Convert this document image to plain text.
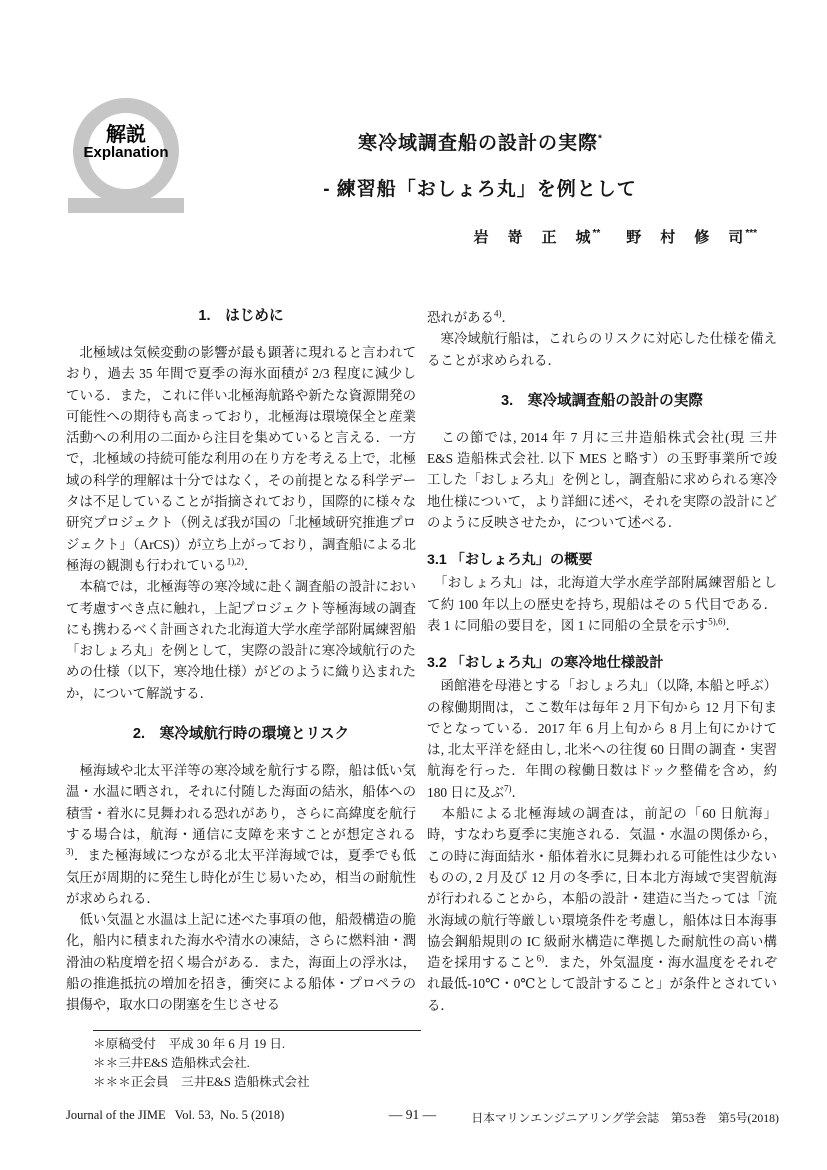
解説
Explanation	寒冷域調査船の設計の実際*
- 練習船「おしょろ丸」を例として
岩　嵜　正　城** 野　村　修　司***
1.　はじめに
　北極域は気候変動の影響が最も顕著に現れると言われており，過去 35 年間で夏季の海氷面積が 2/3 程度に減少している．また，これに伴い北極海航路や新たな資源開発の可能性への期待も高まっており，北極海は環境保全と産業活動への利用の二面から注目を集めていると言える．一方で，北極域の持続可能な利用の在り方を考える上で，北極域の科学的理解は十分ではなく，その前提となる科学データは不足していることが指摘されており，国際的に様々な研究プロジェクト（例えば我が国の「北極域研究推進プロジェクト」（ArCS)）が立ち上がっており，調査船による北極海の観測も行われている$^{1),2)}$．
　本稿では，北極海等の寒冷域に赴く調査船の設計において考慮すべき点に触れ，上記プロジェクト等極海域の調査にも携わるべく計画された北海道大学水産学部附属練習船「おしょろ丸」を例として，実際の設計に寒冷域航行のための仕様（以下，寒冷地仕様）がどのように織り込まれたか，について解説する．
2.　寒冷域航行時の環境とリスク
　極海域や北太平洋等の寒冷域を航行する際，船は低い気温・水温に晒され，それに付随した海面の結氷，船体への積雪・着氷に見舞われる恐れがあり，さらに高緯度を航行する場合は，航海・通信に支障を来すことが想定される$^{3)}$．また極海域につながる北太平洋海域では，夏季でも低気圧が周期的に発生し時化が生じ易いため，相当の耐航性が求められる．
　低い気温と水温は上記に述べた事項の他，船殻構造の脆化，船内に積まれた海水や清水の凍結，さらに燃料油・潤滑油の粘度増を招く場合がある．また，海面上の浮氷は，船の推進抵抗の増加を招き，衝突による船体・プロペラの損傷や，取水口の閉塞を生じさせる
恐れがある$^{4)}$．
　寒冷域航行船は，これらのリスクに対応した仕様を備えることが求められる．
3.　寒冷域調査船の設計の実際
　この節では, 2014 年 7 月に三井造船株式会社(現 三井 E&S 造船株式会社. 以下 MES と略す）の玉野事業所で竣工した「おしょろ丸」を例とし，調査船に求められる寒冷地仕様について，より詳細に述べ，それを実際の設計にどのように反映させたか，について述べる．
3.1 「おしょろ丸」の概要
　「おしょろ丸」は，北海道大学水産学部附属練習船として約 100 年以上の歴史を持ち, 現船はその 5 代目である．表 1 に同船の要目を，図 1 に同船の全景を示す$^{5),6)}$．
3.2 「おしょろ丸」の寒冷地仕様設計
　函館港を母港とする「おしょろ丸」（以降, 本船と呼ぶ）の稼働期間は，ここ数年は毎年 2 月下旬から 12 月下旬までとなっている．2017 年 6 月上旬から 8 月上旬にかけては, 北太平洋を経由し, 北米への往復 60 日間の調査・実習航海を行った．年間の稼働日数はドック整備を含め，約 180 日に及ぶ$^{7)}$．
　本船による北極海域の調査は，前記の「60 日航海」時，すなわち夏季に実施される．気温・水温の関係から，この時に海面結氷・船体着氷に見舞われる可能性は少ないものの, 2 月及び 12 月の冬季に, 日本北方海域で実習航海が行われることから，本船の設計・建造に当たっては「流氷海域の航行等厳しい環境条件を考慮し，船体は日本海事協会鋼船規則の IC 級耐氷構造に準拠した耐航性の高い構造を採用すること$^{6)}$．また，外気温度・海水温度をそれぞれ最低-10℃・0℃として設計すること」が条件とされている．

＊原稿受付　平成 30 年 6 月 19 日.

＊＊三井E&S 造船株式会社.

＊＊＊正会員　三井E&S 造船株式会社

Journal of the JIME   Vol. 53,  No. 5 (2018)	― 91 ―	日本マリンエンジニアリング学会誌　第53巻　第5号(2018)
